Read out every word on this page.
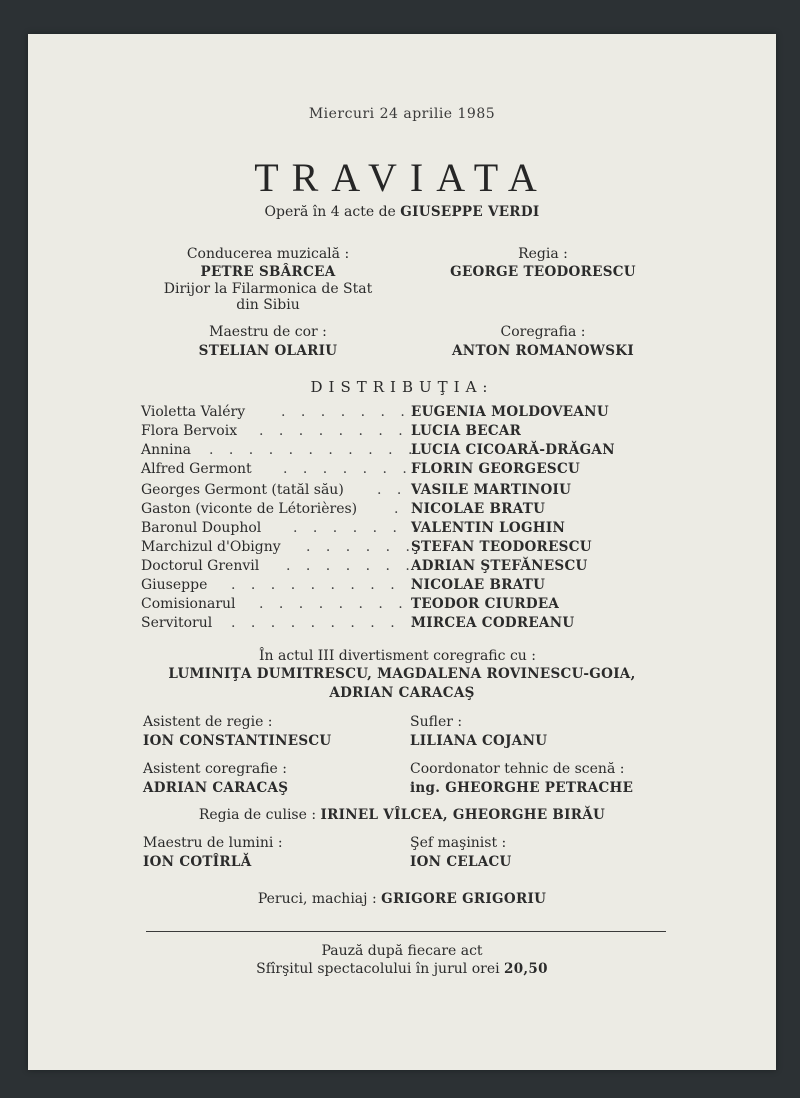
Miercuri 24 aprilie 1985
TRAVIATA
Operă în 4 acte de GIUSEPPE VERDI
Conducerea muzicală :
PETRE SBÂRCEA
Dirijor la Filarmonica de Stat
din Sibiu
Regia :
GEORGE TEODORESCU
Maestru de cor :
STELIAN OLARIU
Coregrafia :
ANTON ROMANOWSKI
DISTRIBUŢIA:
Violetta Valéry	. . . . . . . EUGENIA MOLDOVEANU
Flora Bervoix . . . . . . . . LUCIA BECAR
Annina . . . . . . . . . . .
LUCIA CICOARĂ-DRĂGAN
Alfred Germont . . . . . . .
FLORIN GEORGESCU
Georges Germont (tatăl său) . . VASILE MARTINOIU
Gaston (viconte de Létorières)	. NICOLAE BRATU
Baronul Douphol . . . . . . .
VALENTIN LOGHIN
Marchizul d'Obigny . . . . . .
ŞTEFAN TEODORESCU
Doctorul Grenvil . . . . . . .
ADRIAN ŞTEFĂNESCU
Giuseppe . . . . . . . . . .
NICOLAE BRATU
Comisionarul . . . . . . . . TEODOR CIURDEA
Servitorul . . . . . . . . . .
MIRCEA CODREANU
În actul III divertisment coregrafic cu :
LUMINIŢA DUMITRESCU, MAGDALENA ROVINESCU-GOIA,
ADRIAN CARACAŞ
Asistent de regie :
ION CONSTANTINESCU
Sufler :
LILIANA COJANU
Asistent coregrafie :
ADRIAN CARACAŞ
Coordonator tehnic de scenă :
ing. GHEORGHE PETRACHE
Regia de culise : IRINEL VÎLCEA, GHEORGHE BIRĂU
Maestru de lumini :
ION COTÎRLĂ
Şef maşinist :
ION CELACU
Peruci, machiaj : GRIGORE GRIGORIU
Pauză după fiecare act
Sfîrşitul spectacolului în jurul orei 20,50
